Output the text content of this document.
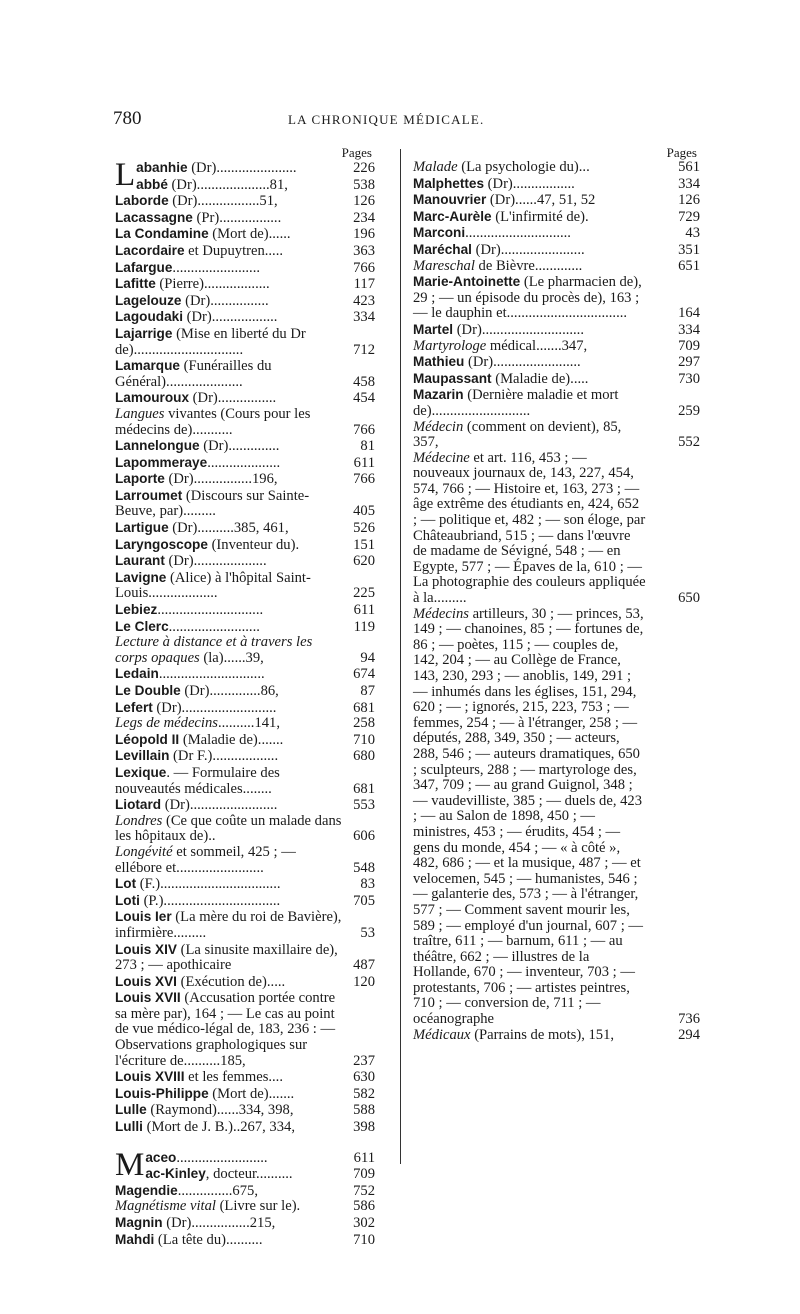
780	LA CHRONIQUE MÉDICALE.
Pages
Labanhie (Dr)......................	226
abbé (Dr)....................81,	538
Laborde (Dr).................51,	126
Lacassagne (Pr).................	234
La Condamine (Mort de)......	196
Lacordaire et Dupuytren.....	363
Lafargue........................	766
Lafitte (Pierre)..................	117
Lagelouze (Dr)................	423
Lagoudaki (Dr)..................	334
Lajarrige (Mise en liberté du Dr de)..............................	712
Lamarque (Funérailles du Général).....................	458
Lamouroux (Dr)................	454
Langues vivantes (Cours pour les médecins de)...........	766
Lannelongue (Dr)..............	81
Lapommeraye....................	611
Laporte (Dr)................196,	766
Larroumet (Discours sur Sainte-Beuve, par).........	405
Lartigue (Dr)..........385, 461,	526
Laryngoscope (Inventeur du).	151
Laurant (Dr)....................	620
Lavigne (Alice) à l'hôpital Saint-Louis...................	225
Lebiez.............................	611
Le Clerc.........................	119
Lecture à distance et à travers les corps opaques (la)......39,	94
Ledain.............................	674
Le Double (Dr)..............86,	87
Lefert (Dr)..........................	681
Legs de médecins..........141,	258
Léopold II (Maladie de).......	710
Levillain (Dr F.)..................	680
Lexique. — Formulaire des nouveautés médicales........	681
Liotard (Dr)........................	553
Londres (Ce que coûte un malade dans les hôpitaux de)..	606
Longévité et sommeil, 425 ; — ellébore et........................	548
Lot (F.).................................	83
Loti (P.)................................	705
Louis Ier (La mère du roi de Bavière), infirmière.........	53
Louis XIV (La sinusite maxillaire de), 273 ; — apothicaire	487
Louis XVI (Exécution de).....	120
Louis XVII (Accusation portée contre sa mère par), 164 ; — Le cas au point de vue médico-légal de, 183, 236 : — Observations graphologiques sur l'écriture de..........185,	237
Louis XVIII et les femmes....	630
Louis-Philippe (Mort de).......	582
Lulle (Raymond)......334, 398,	588
Lulli (Mort de J. B.)..267, 334,	398
Maceo.........................	611
ac-Kinley, docteur..........	709
Magendie...............675,	752
Magnétisme vital (Livre sur le).	586
Magnin (Dr)................215,	302
Mahdi (La tête du)..........	710
Pages
Malade (La psychologie du)...	561
Malphettes (Dr).................	334
Manouvrier (Dr)......47, 51, 52	126
Marc-Aurèle (L'infirmité de).	729
Marconi.............................	43
Maréchal (Dr).......................	351
Mareschal de Bièvre.............	651
Marie-Antoinette (Le pharmacien de), 29 ; — un épisode du procès de), 163 ; — le dauphin et.................................	164
Martel (Dr)............................	334
Martyrologe médical.......347,	709
Mathieu (Dr)........................	297
Maupassant (Maladie de).....	730
Mazarin (Dernière maladie et mort de)...........................	259
Médecin (comment on devient), 85, 357,	552
Médecine et art. 116, 453 ; — nouveaux journaux de, 143, 227, 454, 574, 766 ; — Histoire et, 163, 273 ; — âge extrême des étudiants en, 424, 652 ; — politique et, 482 ; — son éloge, par Châteaubriand, 515 ; — dans l'œuvre de madame de Sévigné, 548 ; — en Egypte, 577 ; — Épaves de la, 610 ; — La photographie des couleurs appliquée à la.........	650
Médecins artilleurs, 30 ; — princes, 53, 149 ; — chanoines, 85 ; — fortunes de, 86 ; — poètes, 115 ; — couples de, 142, 204 ; — au Collège de France, 143, 230, 293 ; — anoblis, 149, 291 ; — inhumés dans les églises, 151, 294, 620 ; — ; ignorés, 215, 223, 753 ; — femmes, 254 ; — à l'étranger, 258 ; — députés, 288, 349, 350 ; — acteurs, 288, 546 ; — auteurs dramatiques, 650 ; sculpteurs, 288 ; — martyrologe des, 347, 709 ; — au grand Guignol, 348 ; — vaudevilliste, 385 ; — duels de, 423 ; — au Salon de 1898, 450 ; — ministres, 453 ; — érudits, 454 ; — gens du monde, 454 ; — « à côté », 482, 686 ; — et la musique, 487 ; — et velocemen, 545 ; — humanistes, 546 ; — galanterie des, 573 ; — à l'étranger, 577 ; — Comment savent mourir les, 589 ; — employé d'un journal, 607 ; — traître, 611 ; — barnum, 611 ; — au théâtre, 662 ; — illustres de la Hollande, 670 ; — inventeur, 703 ; — protestants, 706 ; — artistes peintres, 710 ; — conversion de, 711 ; — océanographe	736
Médicaux (Parrains de mots), 151,	294
